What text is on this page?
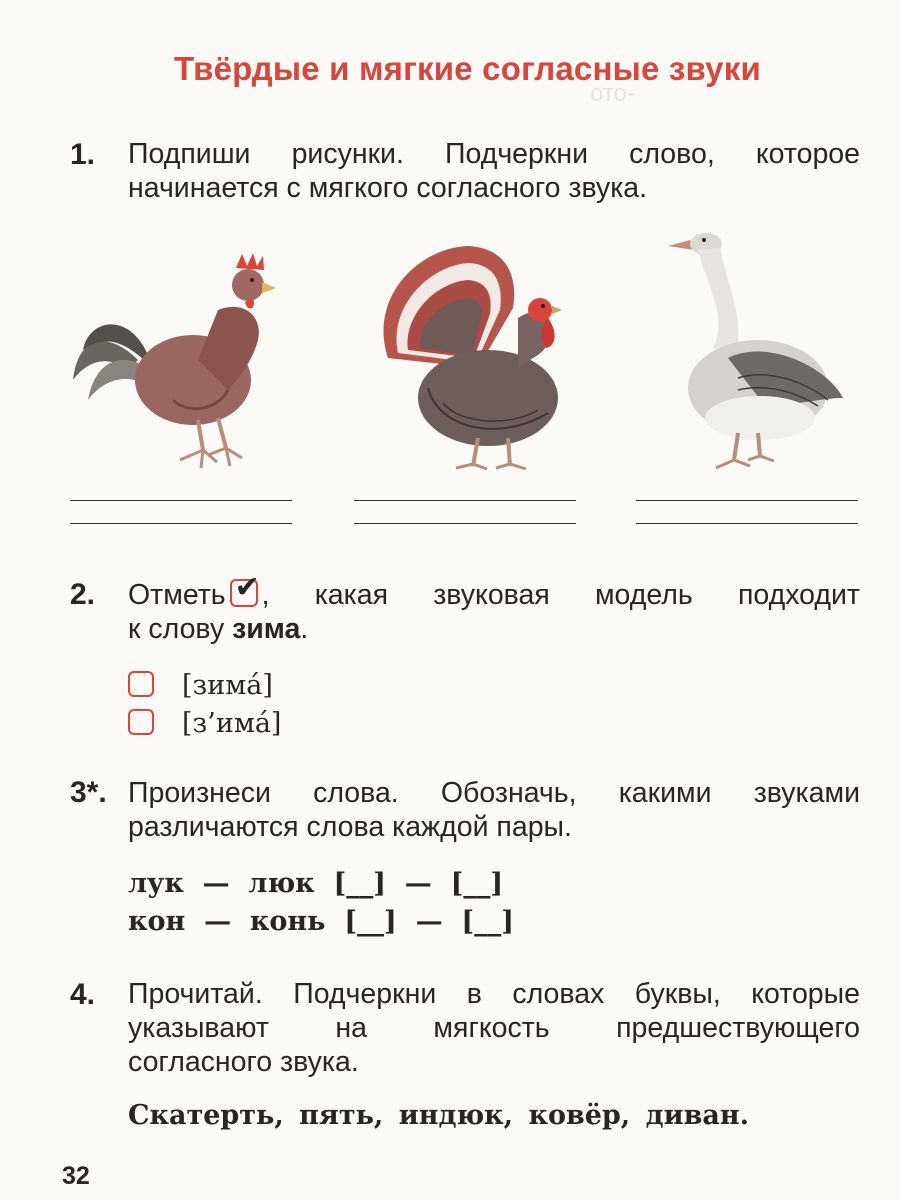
ото-
Твёрдые и мягкие согласные звуки
1. Подпиши рисунки. Подчеркни слово, которое
начинается с мягкого согласного звука.
2. Отметь ✔ , какая звуковая модель подходит
к слову зима.
[зима́]
[з’има́]
3*. Произнеси слова. Обозначь, какими звуками
различаются слова каждой пары.
лук  —  люк  [__]  —  [__]
кон  —  конь  [__]  —  [__]
4. Прочитай. Подчеркни в словах буквы, которые
указывают на мягкость предшествующего
согласного звука.
Скатерть, пять, индюк, ковёр, диван.
32
